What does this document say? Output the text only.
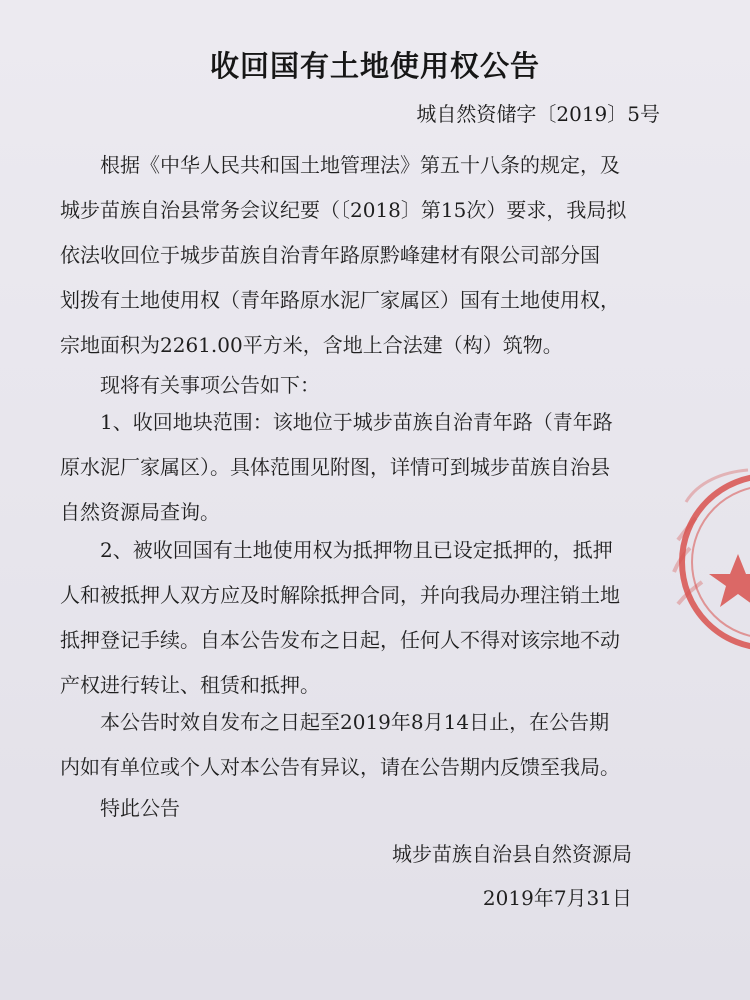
收回国有土地使用权公告
城自然资储字〔2019〕5号
根据《中华人民共和国土地管理法》第五十八条的规定，及
城步苗族自治县常务会议纪要（〔2018〕第15次）要求，我局拟
依法收回位于城步苗族自治青年路原黔峰建材有限公司部分国
划拨有土地使用权（青年路原水泥厂家属区）国有土地使用权，
宗地面积为2261.00平方米，含地上合法建（构）筑物。
现将有关事项公告如下：
1、收回地块范围：该地位于城步苗族自治青年路（青年路
原水泥厂家属区）。具体范围见附图，详情可到城步苗族自治县
自然资源局查询。
2、被收回国有土地使用权为抵押物且已设定抵押的，抵押
人和被抵押人双方应及时解除抵押合同，并向我局办理注销土地
抵押登记手续。自本公告发布之日起，任何人不得对该宗地不动
产权进行转让、租赁和抵押。
本公告时效自发布之日起至2019年8月14日止，在公告期
内如有单位或个人对本公告有异议，请在公告期内反馈至我局。
特此公告
城步苗族自治县自然资源局
2019年7月31日
